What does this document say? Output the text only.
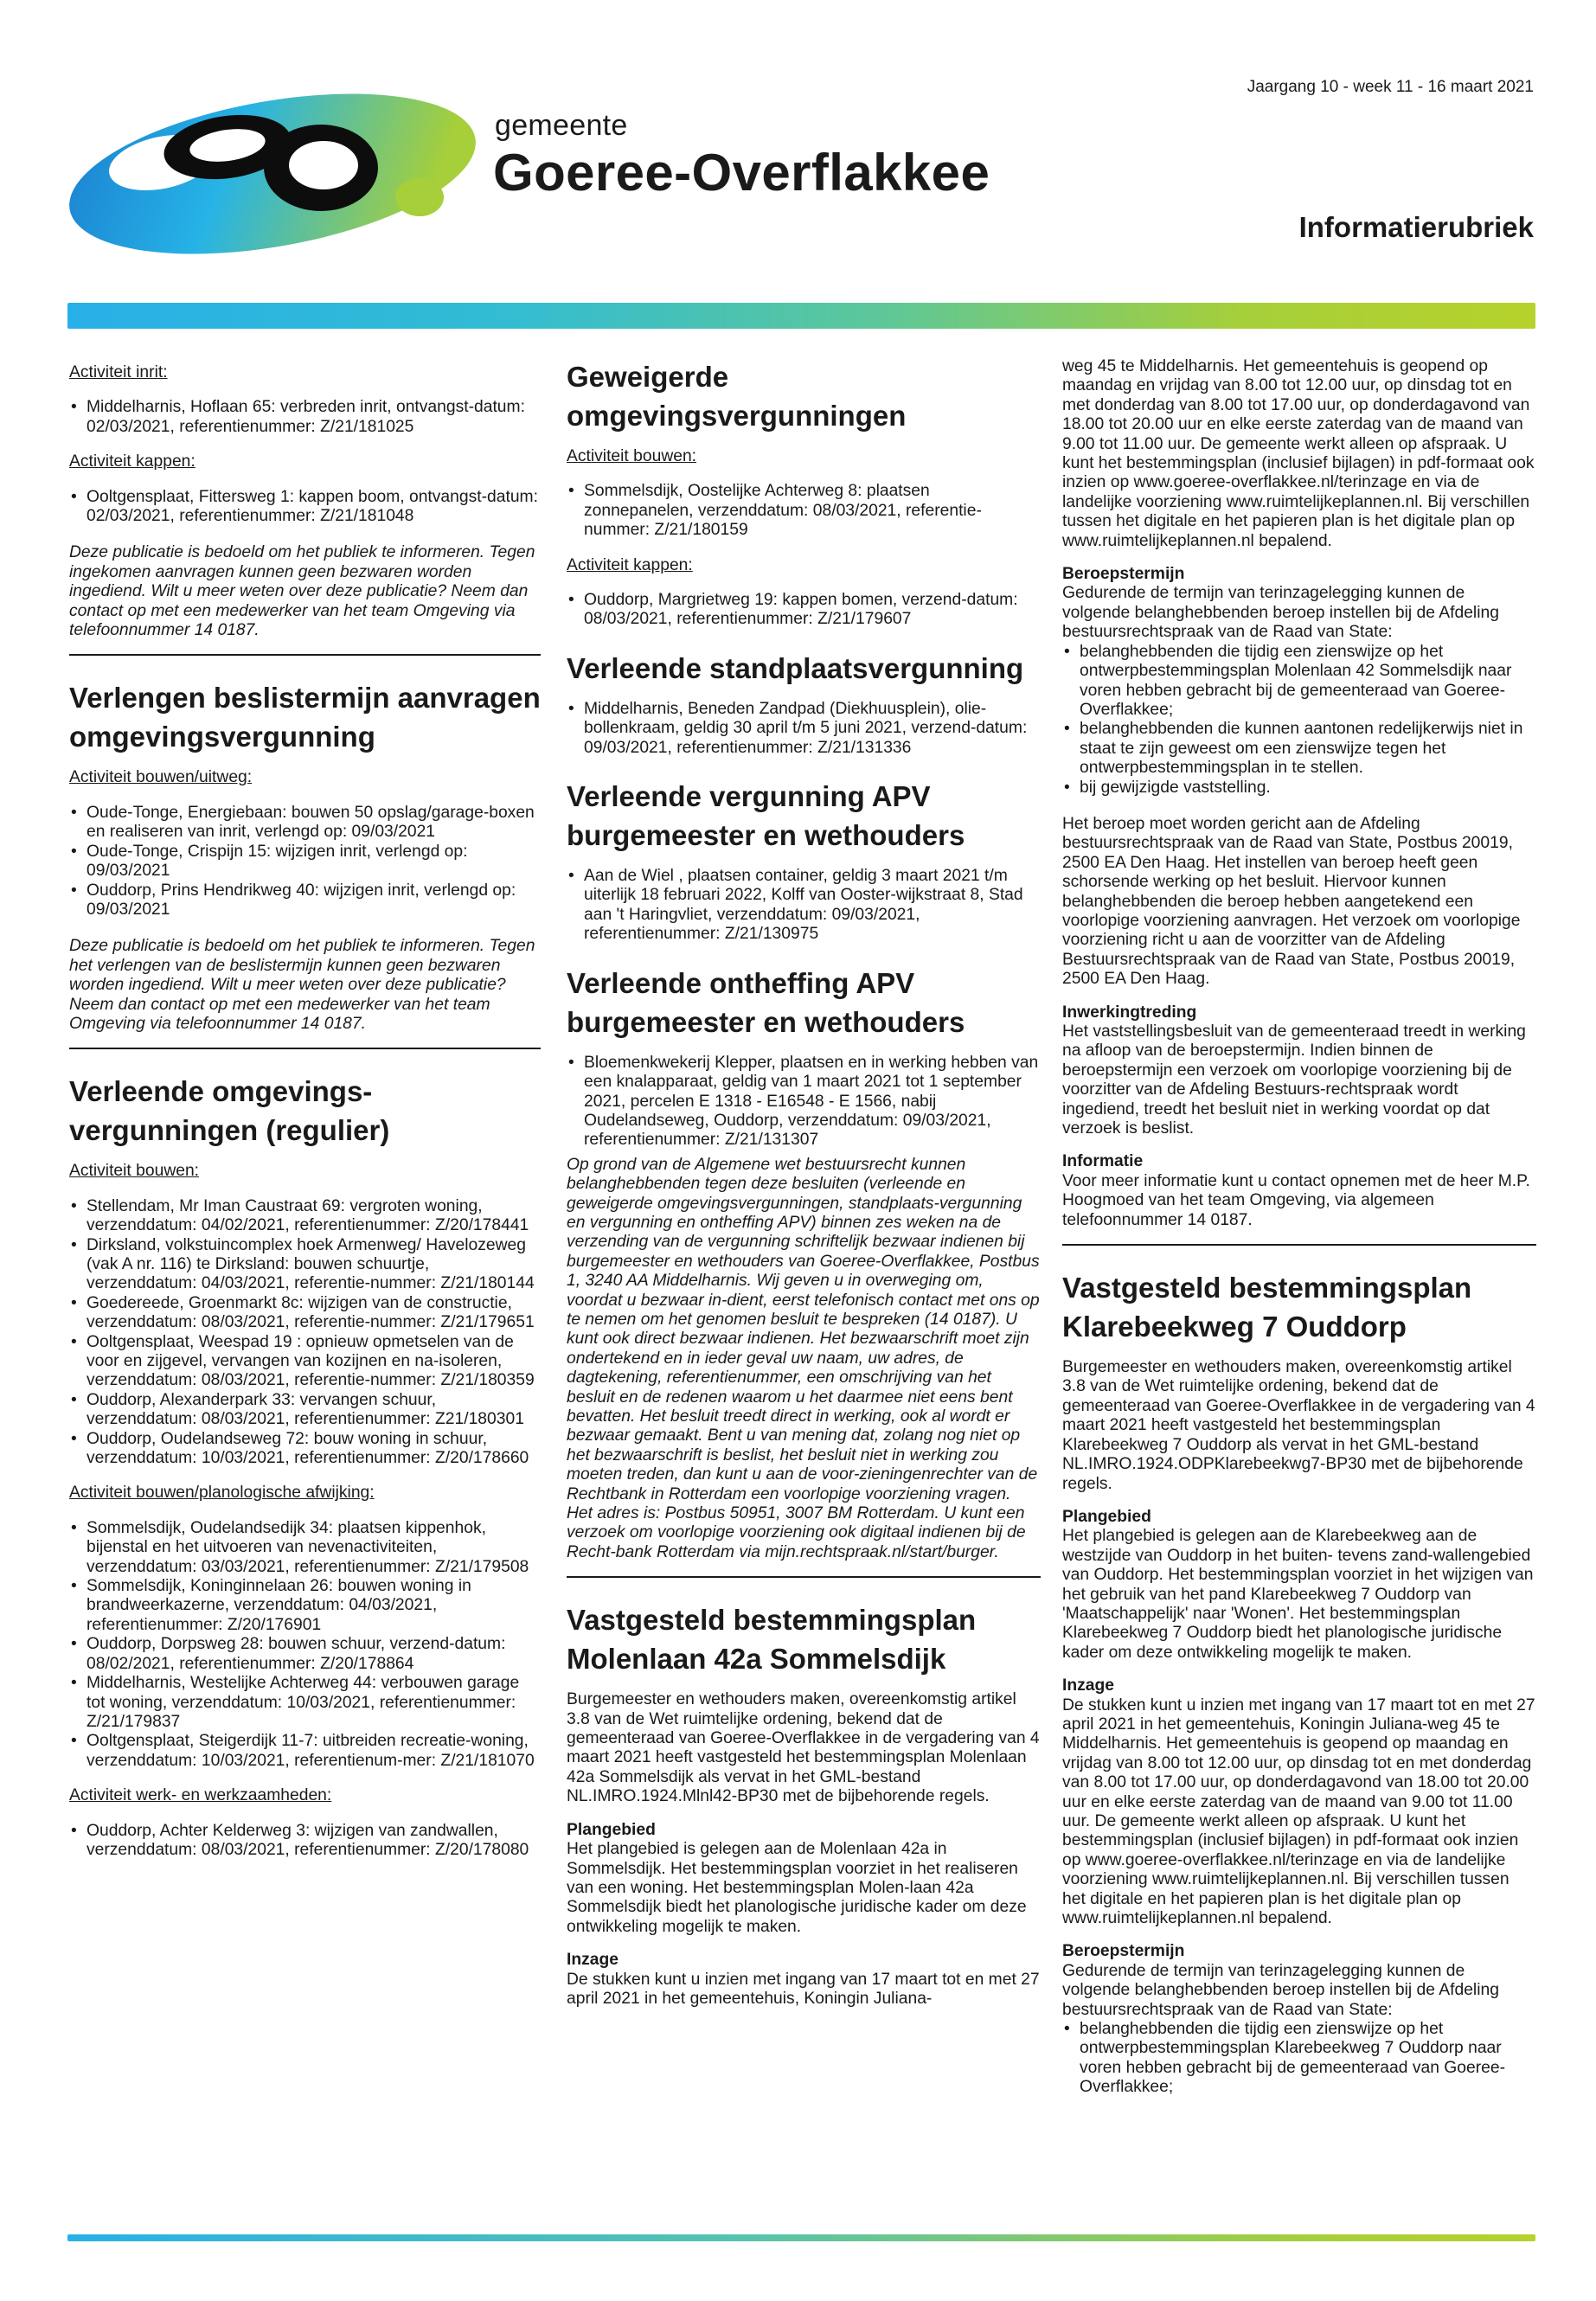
gemeente
Goeree-Overflakkee
Jaargang 10 - week 11 - 16 maart 2021
Informatierubriek
Activiteit inrit:
• Middelharnis, Hoflaan 65: verbreden inrit, ontvangst-datum: 02/03/2021, referentienummer: Z/21/181025
Activiteit kappen:
• Ooltgensplaat, Fittersweg 1: kappen boom, ontvangst-datum: 02/03/2021, referentienummer: Z/21/181048

Deze publicatie is bedoeld om het publiek te informeren. Tegen ingekomen aanvragen kunnen geen bezwaren worden ingediend. Wilt u meer weten over deze publicatie? Neem dan contact op met een medewerker van het team Omgeving via telefoonnummer 14 0187.

Verlengen beslistermijn aanvragen omgevingsvergunning
Activiteit bouwen/uitweg:
• Oude-Tonge, Energiebaan: bouwen 50 opslag/garage-boxen en realiseren van inrit, verlengd op: 09/03/2021
• Oude-Tonge, Crispijn 15: wijzigen inrit, verlengd op: 09/03/2021
• Ouddorp, Prins Hendrikweg 40: wijzigen inrit, verlengd op: 09/03/2021

Deze publicatie is bedoeld om het publiek te informeren. Tegen het verlengen van de beslistermijn kunnen geen bezwaren worden ingediend. Wilt u meer weten over deze publicatie? Neem dan contact op met een medewerker van het team Omgeving via telefoonnummer 14 0187.

Verleende omgevings-vergunningen (regulier)
Activiteit bouwen:
• Stellendam, Mr Iman Caustraat 69: vergroten woning, verzenddatum: 04/02/2021, referentienummer: Z/20/178441
• Dirksland, volkstuincomplex hoek Armenweg/ Havelozeweg (vak A nr. 116) te Dirksland: bouwen schuurtje, verzenddatum: 04/03/2021, referentie-nummer: Z/21/180144
• Goedereede, Groenmarkt 8c: wijzigen van de constructie, verzenddatum: 08/03/2021, referentie-nummer: Z/21/179651
• Ooltgensplaat, Weespad 19 : opnieuw opmetselen van de voor en zijgevel, vervangen van kozijnen en na-isoleren, verzenddatum: 08/03/2021, referentie-nummer: Z/21/180359
• Ouddorp, Alexanderpark 33: vervangen schuur, verzenddatum: 08/03/2021, referentienummer: Z21/180301
• Ouddorp, Oudelandseweg 72: bouw woning in schuur, verzenddatum: 10/03/2021, referentienummer: Z/20/178660
Activiteit bouwen/planologische afwijking:
• Sommelsdijk, Oudelandsedijk 34: plaatsen kippenhok, bijenstal en het uitvoeren van nevenactiviteiten, verzenddatum: 03/03/2021, referentienummer: Z/21/179508
• Sommelsdijk, Koninginnelaan 26: bouwen woning in brandweerkazerne, verzenddatum: 04/03/2021, referentienummer: Z/20/176901
• Ouddorp, Dorpsweg 28: bouwen schuur, verzend-datum: 08/02/2021, referentienummer: Z/20/178864
• Middelharnis, Westelijke Achterweg 44: verbouwen garage tot woning, verzenddatum: 10/03/2021, referentienummer: Z/21/179837
• Ooltgensplaat, Steigerdijk 11-7: uitbreiden recreatie-woning, verzenddatum: 10/03/2021, referentienum-mer: Z/21/181070
Activiteit werk- en werkzaamheden:
• Ouddorp, Achter Kelderweg 3: wijzigen van zandwallen, verzenddatum: 08/03/2021, referentienummer: Z/20/178080
Geweigerde omgevingsvergunningen
Activiteit bouwen:
• Sommelsdijk, Oostelijke Achterweg 8: plaatsen zonnepanelen, verzenddatum: 08/03/2021, referentie-nummer: Z/21/180159
Activiteit kappen:
• Ouddorp, Margrietweg 19: kappen bomen, verzend-datum: 08/03/2021, referentienummer: Z/21/179607
Verleende standplaatsvergunning
• Middelharnis, Beneden Zandpad (Diekhuusplein), olie-bollenkraam, geldig 30 april t/m 5 juni 2021, verzend-datum: 09/03/2021, referentienummer: Z/21/131336
Verleende vergunning APV burgemeester en wethouders
• Aan de Wiel , plaatsen container, geldig 3 maart 2021 t/m uiterlijk 18 februari 2022, Kolff van Ooster-wijkstraat 8, Stad aan 't Haringvliet, verzenddatum: 09/03/2021, referentienummer: Z/21/130975
Verleende ontheffing APV burgemeester en wethouders
• Bloemenkwekerij Klepper, plaatsen en in werking hebben van een knalapparaat, geldig van 1 maart 2021 tot 1 september 2021, percelen E 1318 - E16548 - E 1566, nabij Oudelandseweg, Ouddorp, verzenddatum: 09/03/2021, referentienummer: Z/21/131307

Op grond van de Algemene wet bestuursrecht kunnen belanghebbenden tegen deze besluiten (verleende en geweigerde omgevingsvergunningen, standplaats-vergunning en vergunning en ontheffing APV) binnen zes weken na de verzending van de vergunning schriftelijk bezwaar indienen bij burgemeester en wethouders van Goeree-Overflakkee, Postbus 1, 3240 AA Middelharnis. Wij geven u in overweging om, voordat u bezwaar in-dient, eerst telefonisch contact met ons op te nemen om het genomen besluit te bespreken (14 0187). U kunt ook direct bezwaar indienen. Het bezwaarschrift moet zijn ondertekend en in ieder geval uw naam, uw adres, de dagtekening, referentienummer, een omschrijving van het besluit en de redenen waarom u het daarmee niet eens bent bevatten. Het besluit treedt direct in werking, ook al wordt er bezwaar gemaakt. Bent u van mening dat, zolang nog niet op het bezwaarschrift is beslist, het besluit niet in werking zou moeten treden, dan kunt u aan de voor-zieningenrechter van de Rechtbank in Rotterdam een voorlopige voorziening vragen. Het adres is: Postbus 50951, 3007 BM Rotterdam. U kunt een verzoek om voorlopige voorziening ook digitaal indienen bij de Recht-bank Rotterdam via mijn.rechtspraak.nl/start/burger.

Vastgesteld bestemmingsplan Molenlaan 42a Sommelsdijk

Burgemeester en wethouders maken, overeenkomstig artikel 3.8 van de Wet ruimtelijke ordening, bekend dat de gemeenteraad van Goeree-Overflakkee in de vergadering van 4 maart 2021 heeft vastgesteld het bestemmingsplan Molenlaan 42a Sommelsdijk als vervat in het GML-bestand NL.IMRO.1924.Mlnl42-BP30 met de bijbehorende regels.

Plangebied

Het plangebied is gelegen aan de Molenlaan 42a in Sommelsdijk. Het bestemmingsplan voorziet in het realiseren van een woning. Het bestemmingsplan Molen-laan 42a Sommelsdijk biedt het planologische juridische kader om deze ontwikkeling mogelijk te maken.

Inzage

De stukken kunt u inzien met ingang van 17 maart tot en met 27 april 2021 in het gemeentehuis, Koningin Juliana-

weg 45 te Middelharnis. Het gemeentehuis is geopend op maandag en vrijdag van 8.00 tot 12.00 uur, op dinsdag tot en met donderdag van 8.00 tot 17.00 uur, op donderdagavond van 18.00 tot 20.00 uur en elke eerste zaterdag van de maand van 9.00 tot 11.00 uur. De gemeente werkt alleen op afspraak. U kunt het bestemmingsplan (inclusief bijlagen) in pdf-formaat ook inzien op www.goeree-overflakkee.nl/terinzage en via de landelijke voorziening www.ruimtelijkeplannen.nl. Bij verschillen tussen het digitale en het papieren plan is het digitale plan op www.ruimtelijkeplannen.nl bepalend.

Beroepstermijn

Gedurende de termijn van terinzagelegging kunnen de volgende belanghebbenden beroep instellen bij de Afdeling bestuursrechtspraak van de Raad van State:

• belanghebbenden die tijdig een zienswijze op het ontwerpbestemmingsplan Molenlaan 42 Sommelsdijk naar voren hebben gebracht bij de gemeenteraad van Goeree-Overflakkee;
• belanghebbenden die kunnen aantonen redelijkerwijs niet in staat te zijn geweest om een zienswijze tegen het ontwerpbestemmingsplan in te stellen.
• bij gewijzigde vaststelling.

Het beroep moet worden gericht aan de Afdeling bestuursrechtspraak van de Raad van State, Postbus 20019, 2500 EA Den Haag. Het instellen van beroep heeft geen schorsende werking op het besluit. Hiervoor kunnen belanghebbenden die beroep hebben aangetekend een voorlopige voorziening aanvragen. Het verzoek om voorlopige voorziening richt u aan de voorzitter van de Afdeling Bestuursrechtspraak van de Raad van State, Postbus 20019, 2500 EA Den Haag.

Inwerkingtreding

Het vaststellingsbesluit van de gemeenteraad treedt in werking na afloop van de beroepstermijn. Indien binnen de beroepstermijn een verzoek om voorlopige voorziening bij de voorzitter van de Afdeling Bestuurs-rechtspraak wordt ingediend, treedt het besluit niet in werking voordat op dat verzoek is beslist.

Informatie

Voor meer informatie kunt u contact opnemen met de heer M.P. Hoogmoed van het team Omgeving, via algemeen telefoonnummer 14 0187.

Vastgesteld bestemmingsplan Klarebeekweg 7 Ouddorp

Burgemeester en wethouders maken, overeenkomstig artikel 3.8 van de Wet ruimtelijke ordening, bekend dat de gemeenteraad van Goeree-Overflakkee in de vergadering van 4 maart 2021 heeft vastgesteld het bestemmingsplan Klarebeekweg 7 Ouddorp als vervat in het GML-bestand NL.IMRO.1924.ODPKlarebeekwg7-BP30 met de bijbehorende regels.

Plangebied

Het plangebied is gelegen aan de Klarebeekweg aan de westzijde van Ouddorp in het buiten- tevens zand-wallengebied van Ouddorp. Het bestemmingsplan voorziet in het wijzigen van het gebruik van het pand Klarebeekweg 7 Ouddorp van 'Maatschappelijk' naar 'Wonen'. Het bestemmingsplan Klarebeekweg 7 Ouddorp biedt het planologische juridische kader om deze ontwikkeling mogelijk te maken.

Inzage

De stukken kunt u inzien met ingang van 17 maart tot en met 27 april 2021 in het gemeentehuis, Koningin Juliana-weg 45 te Middelharnis. Het gemeentehuis is geopend op maandag en vrijdag van 8.00 tot 12.00 uur, op dinsdag tot en met donderdag van 8.00 tot 17.00 uur, op donderdagavond van 18.00 tot 20.00 uur en elke eerste zaterdag van de maand van 9.00 tot 11.00 uur. De gemeente werkt alleen op afspraak. U kunt het bestemmingsplan (inclusief bijlagen) in pdf-formaat ook inzien op www.goeree-overflakkee.nl/terinzage en via de landelijke voorziening www.ruimtelijkeplannen.nl. Bij verschillen tussen het digitale en het papieren plan is het digitale plan op www.ruimtelijkeplannen.nl bepalend.

Beroepstermijn

Gedurende de termijn van terinzagelegging kunnen de volgende belanghebbenden beroep instellen bij de Afdeling bestuursrechtspraak van de Raad van State:

• belanghebbenden die tijdig een zienswijze op het ontwerpbestemmingsplan Klarebeekweg 7 Ouddorp naar voren hebben gebracht bij de gemeenteraad van Goeree-Overflakkee;
